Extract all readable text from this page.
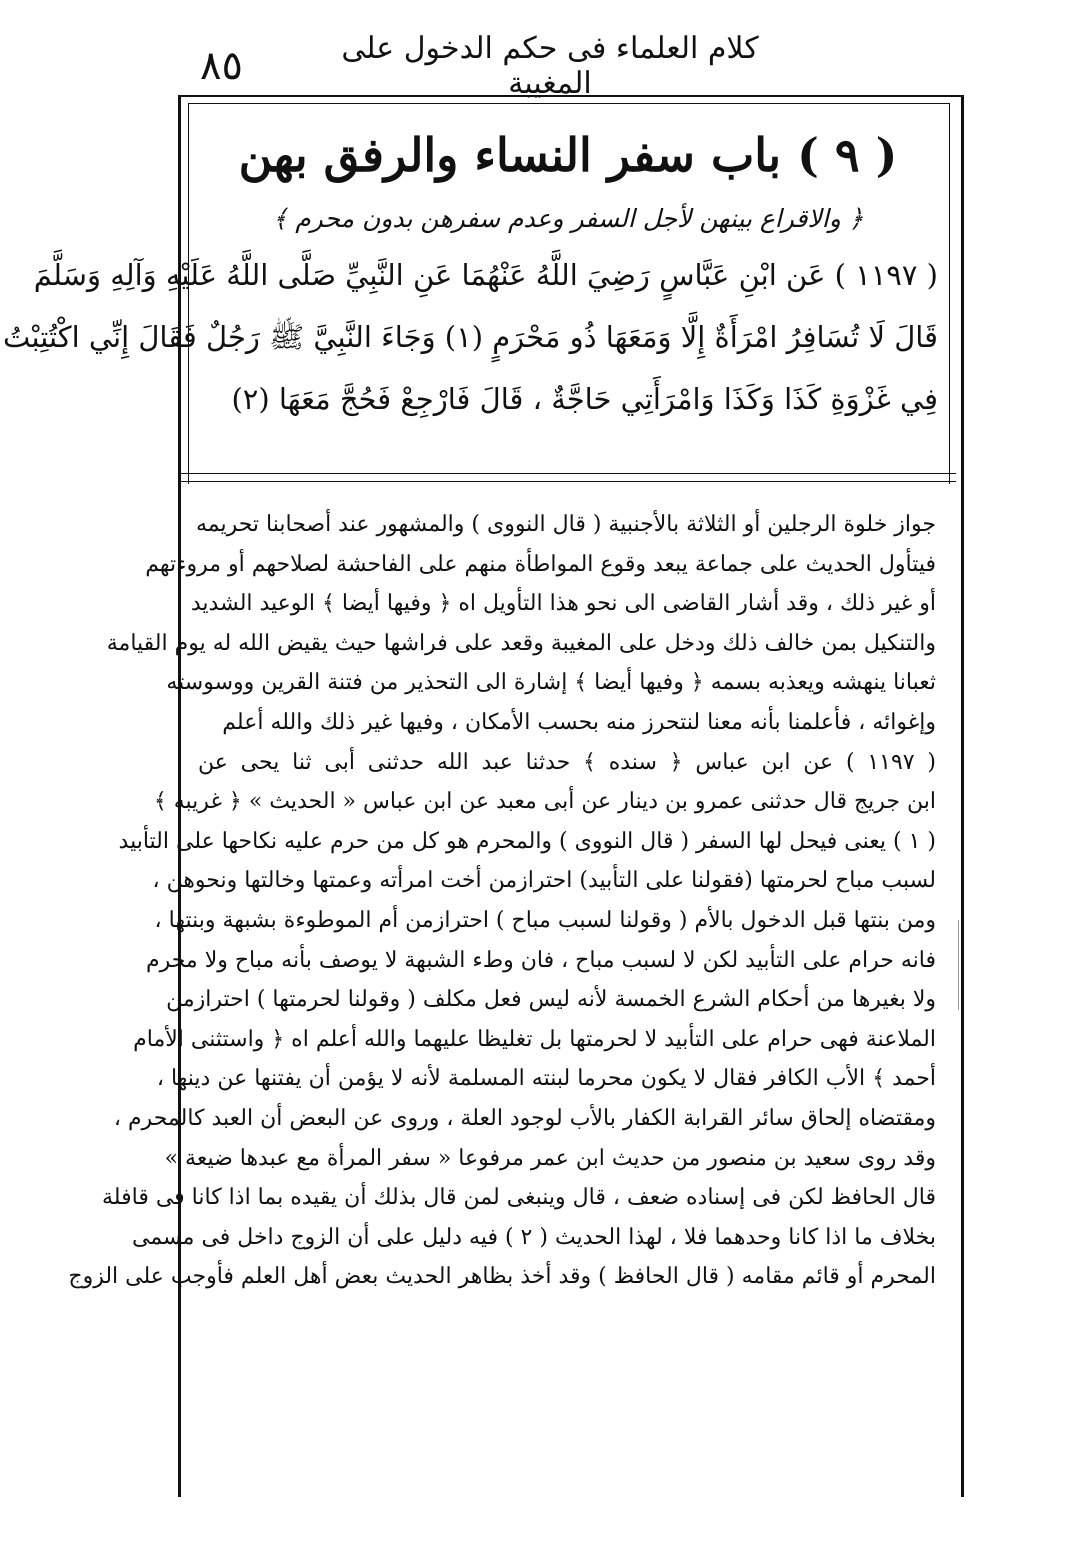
٨٥	كلام العلماء فى حكم الدخول على المغيبة
( ٩ ) باب سفر النساء والرفق بهن
﴿ والاقراع بينهن لأجل السفر وعدم سفرهن بدون محرم ﴾
( ١١٩٧ ) عَن ابْنِ عَبَّاسٍ رَضِيَ اللَّهُ عَنْهُمَا عَنِ النَّبِيِّ صَلَّى اللَّهُ عَلَيْهِ وَآلِهِ وَسَلَّمَ
قَالَ لَا تُسَافِرُ امْرَأَةٌ إِلَّا وَمَعَهَا ذُو مَحْرَمٍ (١) وَجَاءَ النَّبِيَّ ﷺ رَجُلٌ فَقَالَ إِنِّي اكْتُتِبْتُ
فِي غَزْوَةِ كَذَا وَكَذَا وَامْرَأَتِي حَاجَّةٌ ، قَالَ فَارْجِعْ فَحُجَّ مَعَهَا (٢)
جواز خلوة الرجلين أو الثلاثة بالأجنبية ( قال النووى ) والمشهور عند أصحابنا تحريمه
فيتأول الحديث على جماعة يبعد وقوع المواطأة منهم على الفاحشة لصلاحهم أو مروءتهم
أو غير ذلك ، وقد أشار القاضى الى نحو هذا التأويل اه ﴿ وفيها أيضا ﴾ الوعيد الشديد
والتنكيل بمن خالف ذلك ودخل على المغيبة وقعد على فراشها حيث يقيض الله له يوم القيامة
ثعبانا ينهشه ويعذبه بسمه ﴿ وفيها أيضا ﴾ إشارة الى التحذير من فتنة القرين ووسوسته
وإغوائه ، فأعلمنا بأنه معنا لنتحرز منه بحسب الأمكان ، وفيها غير ذلك والله أعلم
( ١١٩٧ ) عن ابن عباس ﴿ سنده ﴾ حدثنا عبد الله حدثنى أبى ثنا يحى عن
ابن جريج قال حدثنى عمرو بن دينار عن أبى معبد عن ابن عباس « الحديث » ﴿ غريبه ﴾
( ١ ) يعنى فيحل لها السفر ( قال النووى ) والمحرم هو كل من حرم عليه نكاحها على التأبيد
لسبب مباح لحرمتها (فقولنا على التأبيد) احترازمن أخت امرأته وعمتها وخالتها ونحوهن ،
ومن بنتها قبل الدخول بالأم ( وقولنا لسبب مباح ) احترازمن أم الموطوءة بشبهة وبنتها ،
فانه حرام على التأبيد لكن لا لسبب مباح ، فان وطء الشبهة لا يوصف بأنه مباح ولا محرم
ولا بغيرها من أحكام الشرع الخمسة لأنه ليس فعل مكلف ( وقولنا لحرمتها ) احترازمن
الملاعنة فهى حرام على التأبيد لا لحرمتها بل تغليظا عليهما والله أعلم اه ﴿ واستثنى الأمام
أحمد ﴾ الأب الكافر فقال لا يكون محرما لبنته المسلمة لأنه لا يؤمن أن يفتنها عن دينها ،
ومقتضاه إلحاق سائر القرابة الكفار بالأب لوجود العلة ، وروى عن البعض أن العبد كالمحرم ،
وقد روى سعيد بن منصور من حديث ابن عمر مرفوعا « سفر المرأة مع عبدها ضيعة »
قال الحافظ لكن فى إسناده ضعف ، قال وينبغى لمن قال بذلك أن يقيده بما اذا كانا فى قافلة
بخلاف ما اذا كانا وحدهما فلا ، لهذا الحديث ( ٢ ) فيه دليل على أن الزوج داخل فى مسمى
المحرم أو قائم مقامه ( قال الحافظ ) وقد أخذ بظاهر الحديث بعض أهل العلم فأوجب على الزوج
